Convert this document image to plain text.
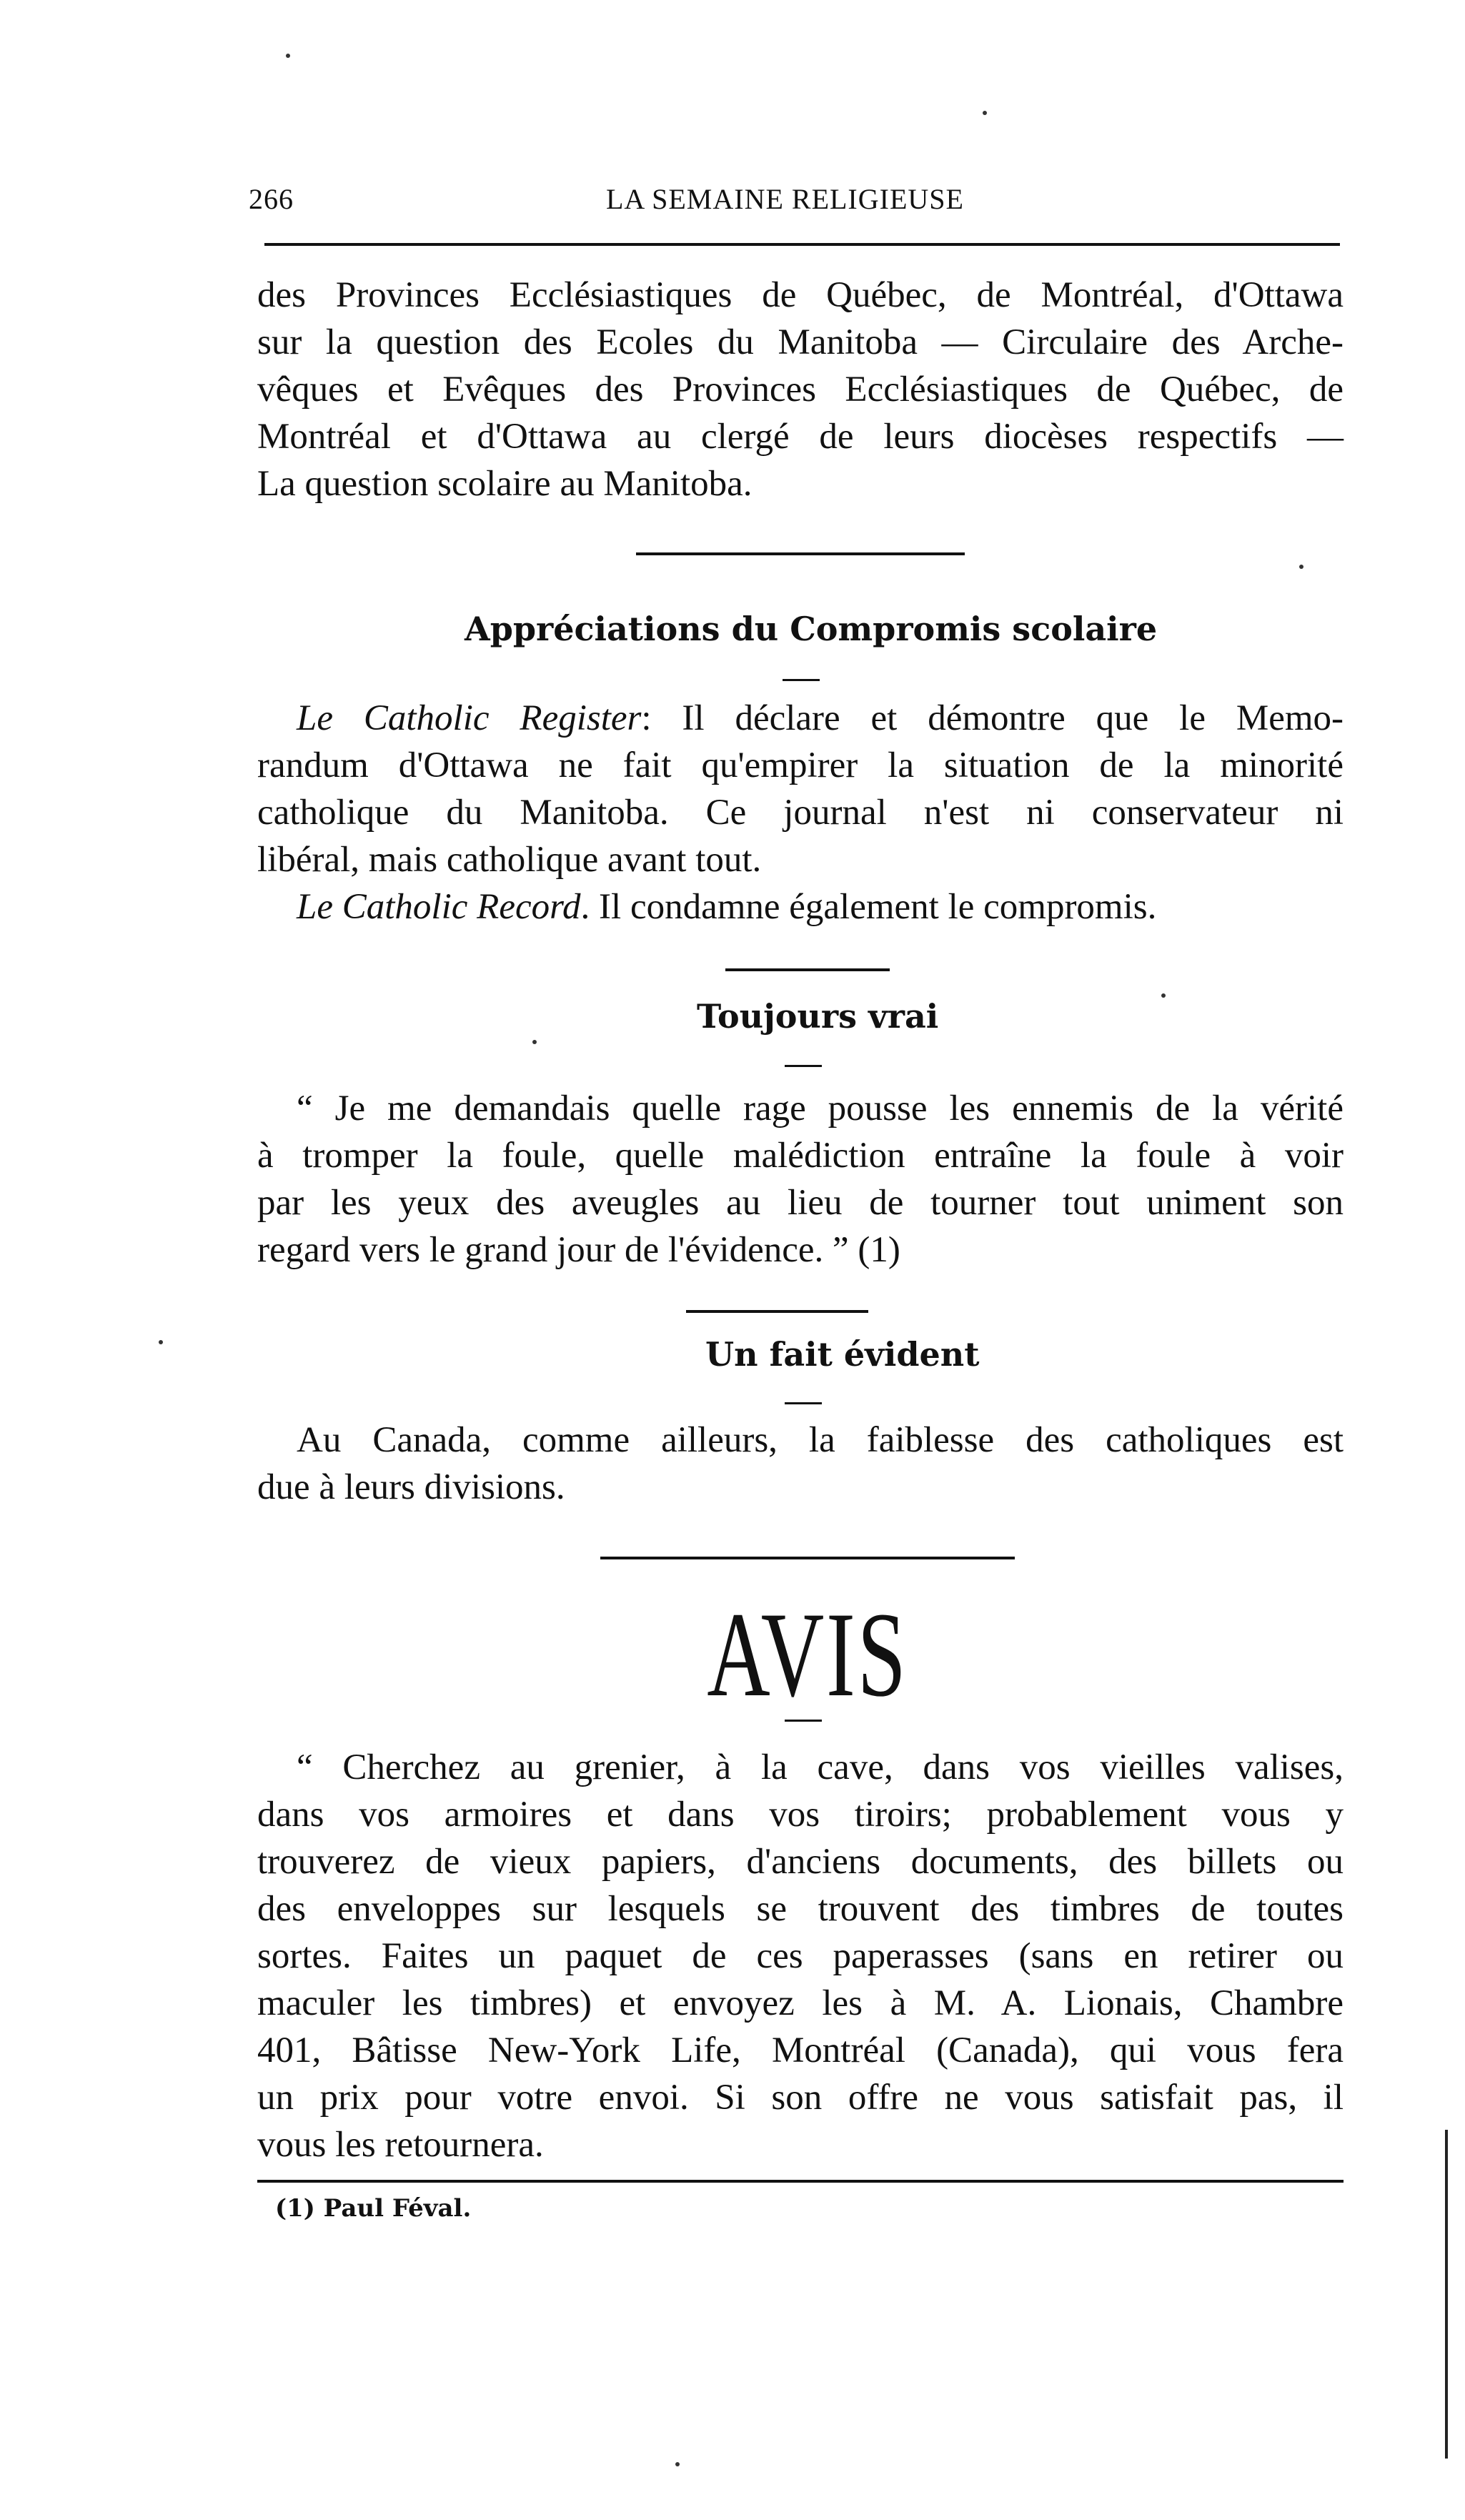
266	LA SEMAINE RELIGIEUSE
des Provinces Ecclésiastiques de Québec, de Montréal, d'Ottawa
sur la question des Ecoles du Manitoba — Circulaire des Arche-
vêques et Evêques des Provinces Ecclésiastiques de Québec, de
Montréal et d'Ottawa au clergé de leurs diocèses respectifs —
La question scolaire au Manitoba.
Appréciations du Compromis scolaire
Le Catholic Register: Il déclare et démontre que le Memo-
randum d'Ottawa ne fait qu'empirer la situation de la minorité
catholique du Manitoba. Ce journal n'est ni conservateur ni
libéral, mais catholique avant tout.
Le Catholic Record. Il condamne également le compromis.
Toujours vrai
“ Je me demandais quelle rage pousse les ennemis de la vérité
à tromper la foule, quelle malédiction entraîne la foule à voir
par les yeux des aveugles au lieu de tourner tout uniment son
regard vers le grand jour de l'évidence. ” (1)
Un fait évident
Au Canada, comme ailleurs, la faiblesse des catholiques est
due à leurs divisions.
AVIS
“ Cherchez au grenier, à la cave, dans vos vieilles valises,
dans vos armoires et dans vos tiroirs; probablement vous y
trouverez de vieux papiers, d'anciens documents, des billets ou
des enveloppes sur lesquels se trouvent des timbres de toutes
sortes. Faites un paquet de ces paperasses (sans en retirer ou
maculer les timbres) et envoyez les à M. A. Lionais, Chambre
401, Bâtisse New-York Life, Montréal (Canada), qui vous fera
un prix pour votre envoi. Si son offre ne vous satisfait pas, il
vous les retournera.
(1) Paul Féval.
